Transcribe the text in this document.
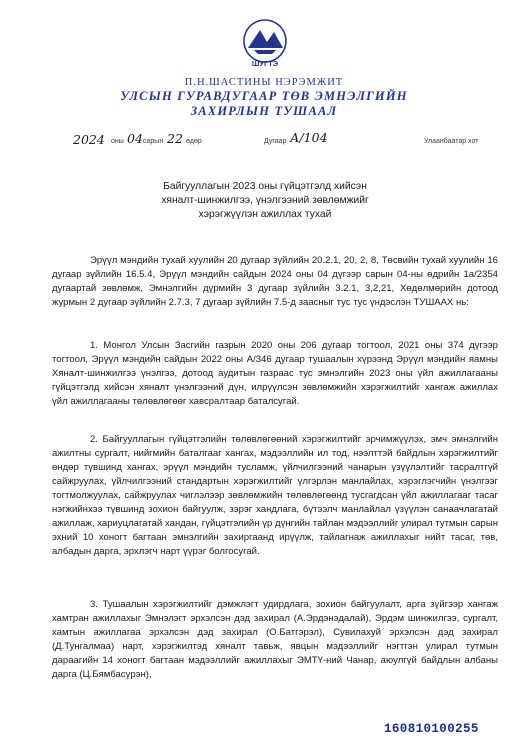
ШУГТЭ
П.Н.ШАСТИНЫ НЭРЭМЖИТ
УЛСЫН ГУРАВДУГААР ТӨВ ЭМНЭЛГИЙН
ЗАХИРЛЫН ТУШААЛ
2024 оны 04 сарын 22 өдөр	Дугаар А/104	Улаанбаатар хот
Байгууллагын 2023 оны гүйцэтгэлд хийсэн
хяналт-шинжилгээ, үнэлгээний зөвлөмжийг
хэрэгжүүлэн ажиллах тухай

Эрүүл мэндийн тухай хуулийн 20 дугаар зүйлийн 20.2.1, 20, 2, 8, Төсвийн тухай хуулийн 16 дугаар зүйлийн 16.5.4, Эрүүл мэндийн сайдын 2024 оны 04 дүгээр сарын 04-ны өдрийн 1а/2354 дугаартай зөвлөмж, Эмнэлгийн дүрмийн 3 дугаар зүйлийн 3.2.1, 3,2,21, Хөдөлмөрийн дотоод журмын 2 дугаар зүйлийн 2.7.3, 7 дугаар зүйлийн 7.5-д заасныг тус тус үндэслэн ТУШААХ нь:

1. Монгол Улсын Засгийн газрын 2020 оны 206 дугаар тогтоол, 2021 оны 374 дүгээр тогтоол, Эрүүл мэндийн сайдын 2022 оны А/346 дугаар тушаалын хүрээнд Эрүүл мэндийн яамны Хяналт-шинжилгээ үнэлгээ, дотоод аудитын газраас тус эмнэлгийн 2023 оны үйл ажиллагааны гүйцэтгэлд хийсэн хяналт үнэлгээний дүн, илрүүлсэн зөвлөмжийн хэрэгжилтийг хангаж ажиллах үйл ажиллагааны төлөвлөгөөг хавсралтаар баталсугай.

2. Байгууллагын гүйцэтгэлийн төлөвлөгөөний хэрэгжилтийг эрчимжүүлэх, эмч эмнэлгийн ажилтны сургалт, нийгмийн баталгааг хангах, мэдээллийн ил тод, нээлттэй байдлын хэрэгжилтийг өндөр түвшинд хангах, эрүүл мэндийн тусламж, үйлчилгээний чанарын үзүүлэлтийг тасралтгүй сайжруулах, үйлчилгээний стандартын хэрэгжилтийг үлгэрлэн манлайлах, хэрэглэгчийн үнэлгээг тогтмолжуулах, сайжруулах чиглэлээр зөвлөмжийн төлөвлөгөөнд тусгагдсан үйл ажиллагааг тасаг нэгжийнхээ түвшинд зохион байгуулж, зэрэг хандлага, бүтээлч манлайлал үзүүлэн санаачлагатай ажиллаж, хариуцлагатай хандан, гүйцэтгэлийн үр дүнгийн тайлан мэдээллийг улирал тутмын сарын эхний 10 хоногт багтаан эмнэлгийн захиргаанд ирүүлж, тайлагнаж ажиллахыг нийт тасаг, төв, албадын дарга, эрхлэгч нарт үүрэг болгосугай.

3. Тушаалын хэрэгжилтийг дэмжлэгт удирдлага, зохион байгуулалт, арга зүйгээр хангаж хамтран ажиллахыг Эмнэлэгт эрхэлсэн дэд захирал (А.Эрдэнэдалай), Эрдэм шинжилгээ, сургалт, хамтын ажиллагаа эрхэлсэн дэд захирал (О.Батгэрэл), Сувилахуй эрхэлсэн дэд захирал (Д.Тунгалмаа) нарт, хэрэгжилтэд хяналт тавьж, явцын мэдээллийг нэгтгэн улирал тутмын дараагийн 14 хоногт багтаан мэдээллийг ажиллахыг ЭМТҮ-ний Чанар, аюулгүй байдлын албаны дарга (Ц.Бямбасүрэн),

16081010025​5
